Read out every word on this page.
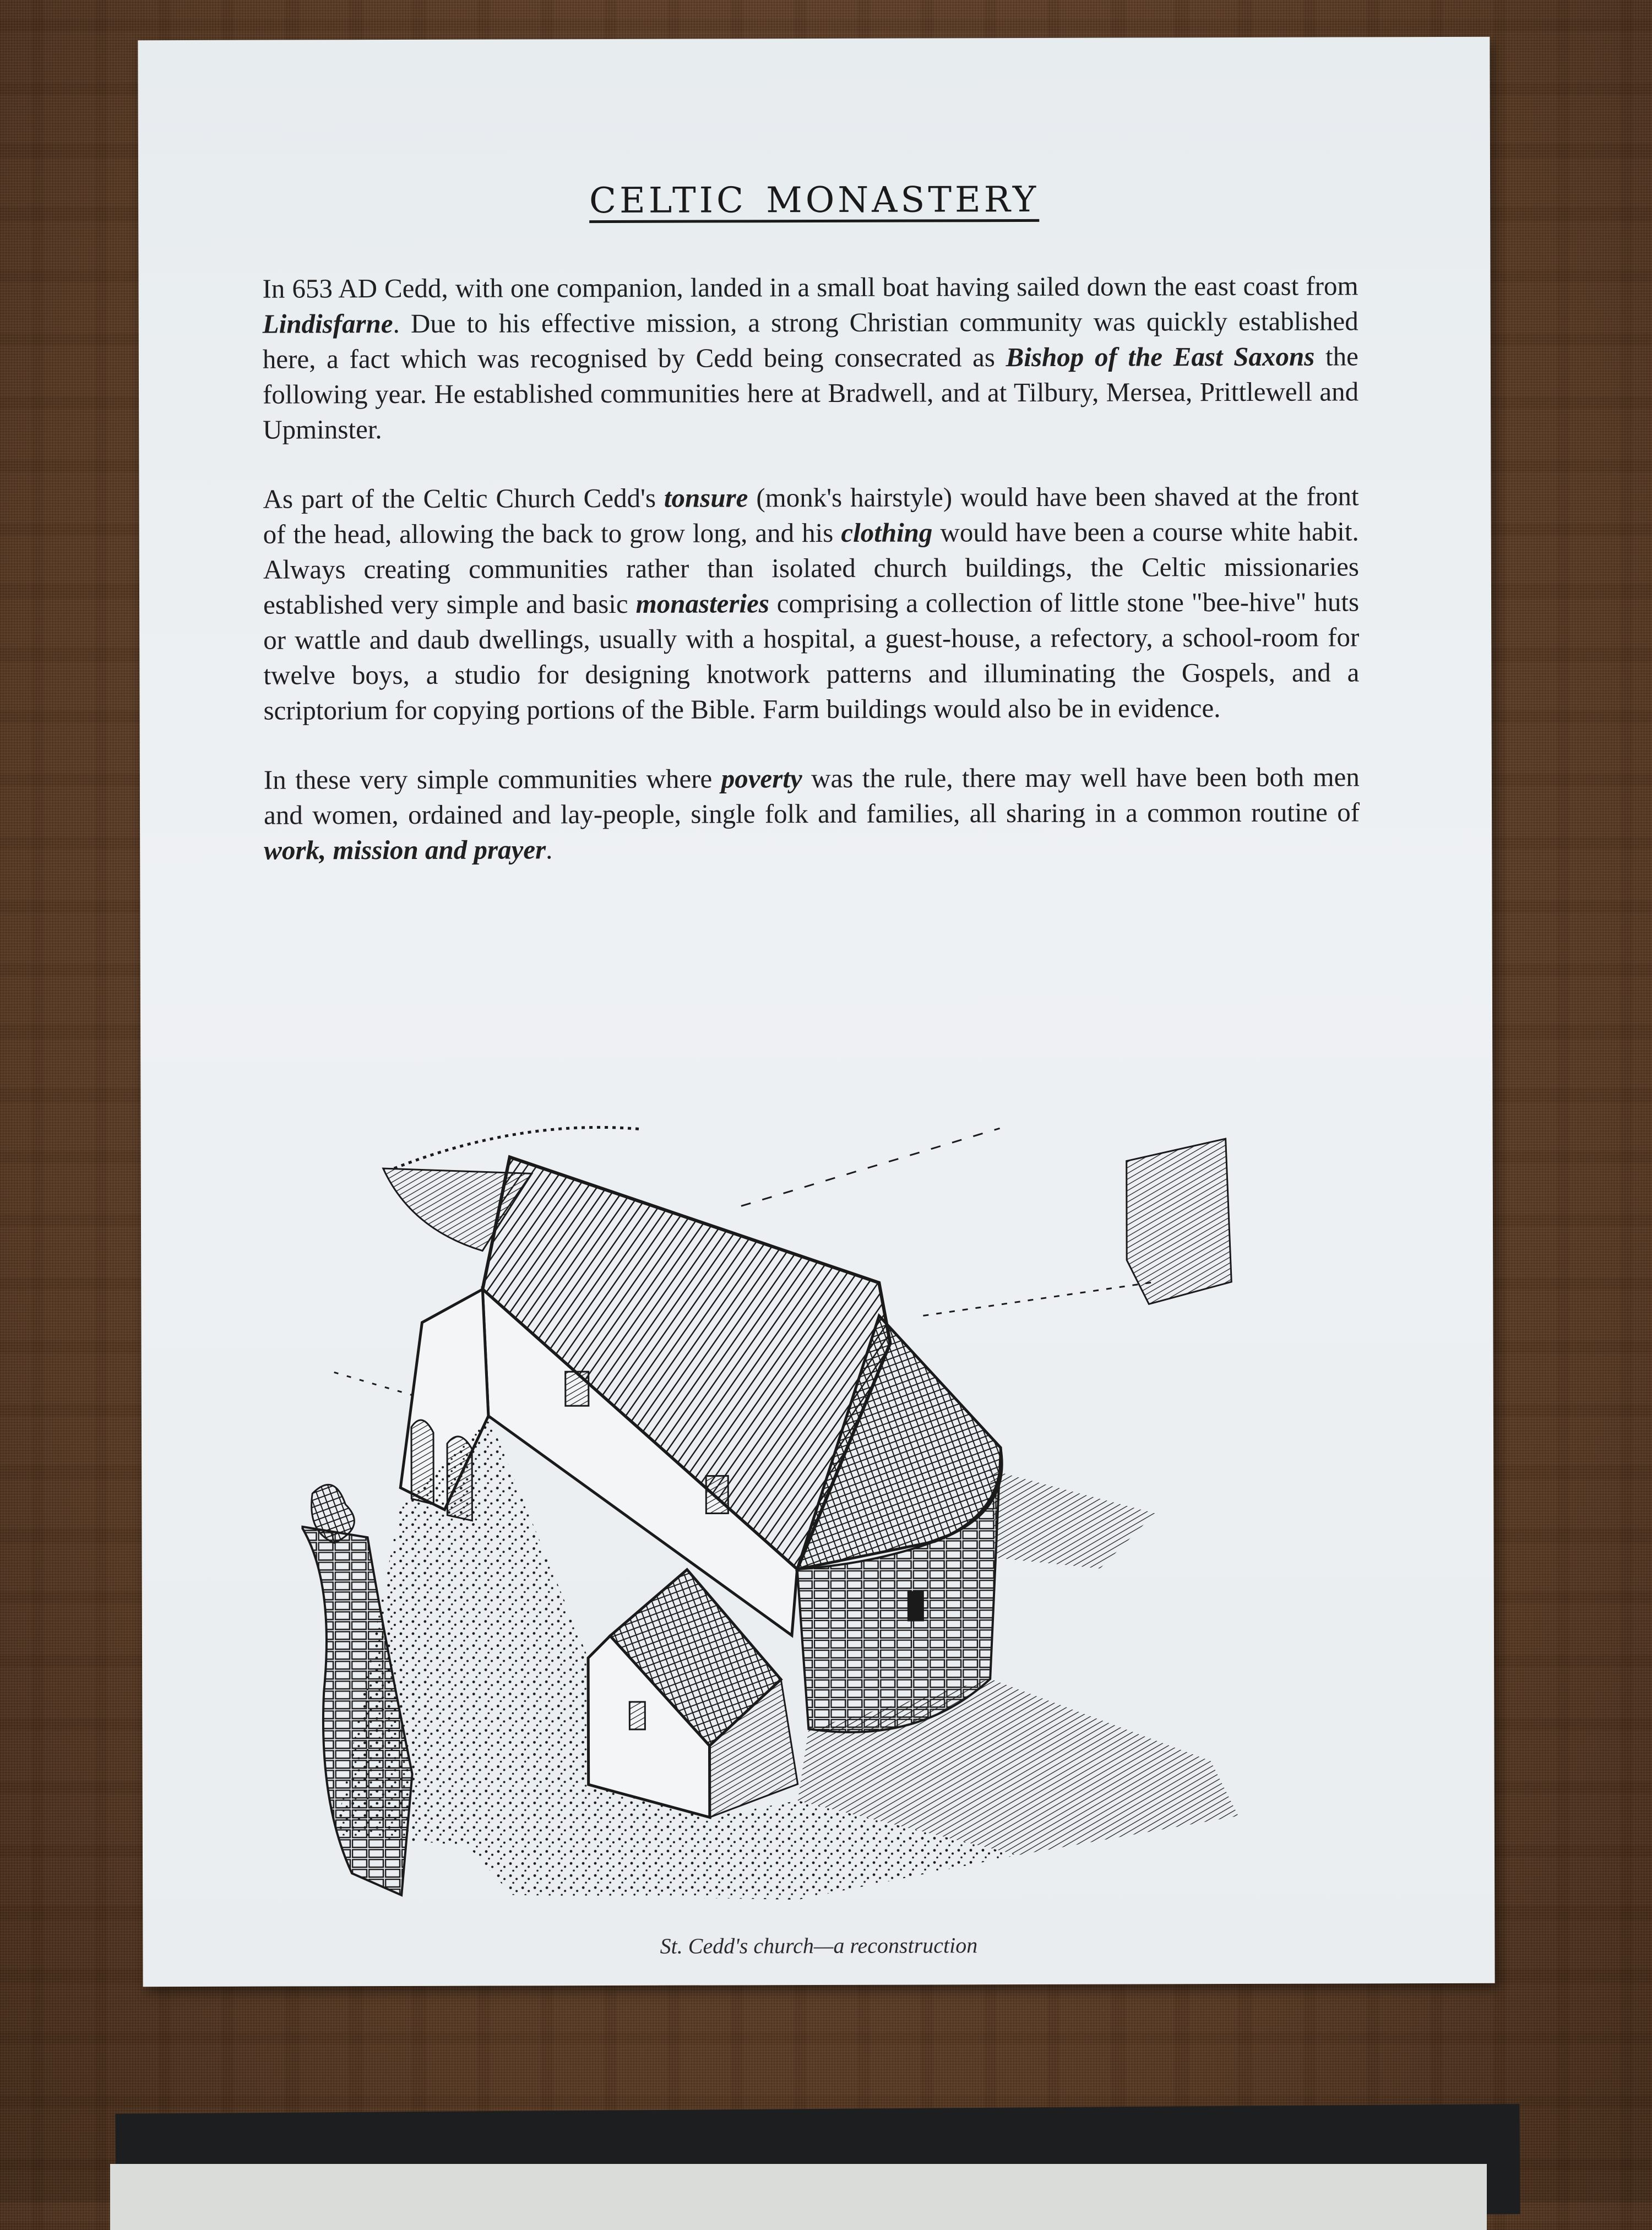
celtic monastery

In 653 AD Cedd, with one companion, landed in a small boat having sailed down the east coast from Lindisfarne. Due to his effective mission, a strong Christian community was quickly established here, a fact which was recognised by Cedd being consecrated as Bishop of the East Saxons the following year. He established communities here at Bradwell, and at Tilbury, Mersea, Prittlewell and Upminster.

As part of the Celtic Church Cedd's tonsure (monk's hairstyle) would have been shaved at the front of the head, allowing the back to grow long, and his clothing would have been a course white habit. Always creating communities rather than isolated church buildings, the Celtic missionaries established very simple and basic monasteries comprising a collection of little stone "bee-hive" huts or wattle and daub dwellings, usually with a hospital, a guest-house, a refectory, a school-room for twelve boys, a studio for designing knotwork patterns and illuminating the Gospels, and a scriptorium for copying portions of the Bible. Farm buildings would also be in evidence.

In these very simple communities where poverty was the rule, there may well have been both men and women, ordained and lay-people, single folk and families, all sharing in a common routine of work, mission and prayer.

St. Cedd's church—a reconstruction
